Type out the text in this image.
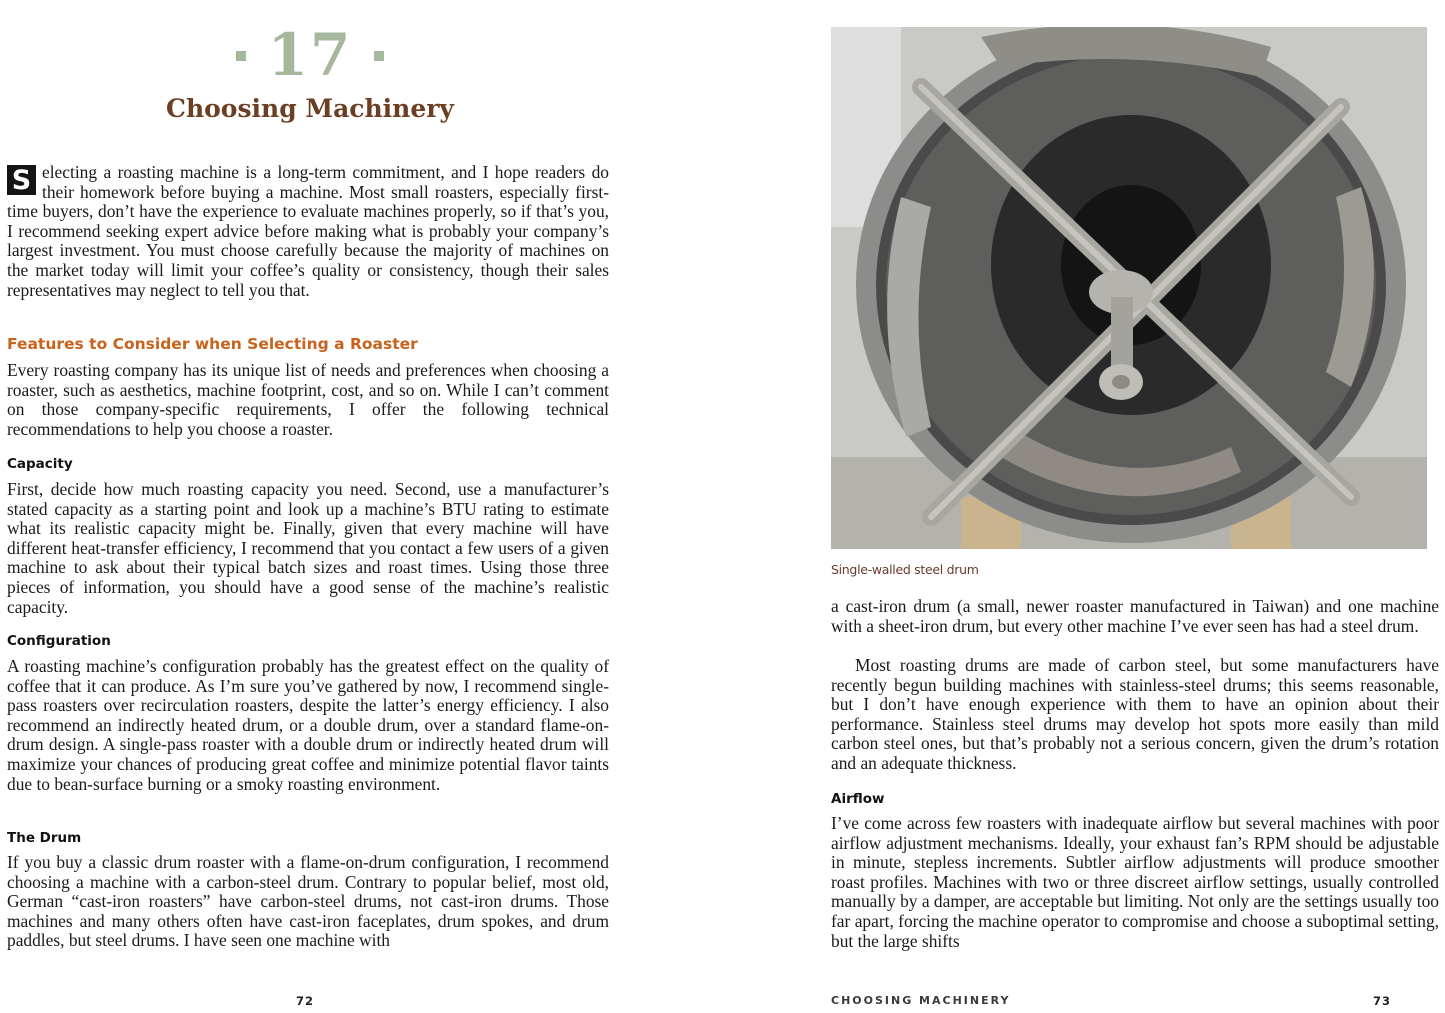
17
Choosing Machinery

S electing a roasting machine is a long-term commitment, and I hope readers do their homework before buying a machine. Most small roasters, especially first-time buyers, don’t have the experience to evaluate machines properly, so if that’s you, I recommend seeking expert advice before making what is probably your company’s largest investment. You must choose carefully because the majority of machines on the market today will limit your coffee’s quality or consistency, though their sales representatives may neglect to tell you that.

Features to Consider when Selecting a Roaster

Every roasting company has its unique list of needs and preferences when choosing a roaster, such as aesthetics, machine footprint, cost, and so on. While I can’t comment on those company-specific requirements, I offer the following technical recommendations to help you choose a roaster.

Capacity

First, decide how much roasting capacity you need. Second, use a manufacturer’s stated capacity as a starting point and look up a machine’s BTU rating to estimate what its realistic capacity might be. Finally, given that every machine will have different heat-transfer efficiency, I recommend that you contact a few users of a given machine to ask about their typical batch sizes and roast times. Using those three pieces of information, you should have a good sense of the machine’s realistic capacity.

Configuration

A roasting machine’s configuration probably has the greatest effect on the quality of coffee that it can produce. As I’m sure you’ve gathered by now, I recommend single-pass roasters over recirculation roasters, despite the latter’s energy efficiency. I also recommend an indirectly heated drum, or a double drum, over a standard flame-on-drum design. A single-pass roaster with a double drum or indirectly heated drum will maximize your chances of producing great coffee and minimize potential flavor taints due to bean-surface burning or a smoky roasting environment.

The Drum

If you buy a classic drum roaster with a flame-on-drum configuration, I recommend choosing a machine with a carbon-steel drum. Contrary to popular belief, most old, German “cast-iron roasters” have carbon-steel drums, not cast-iron drums. Those machines and many others often have cast-iron faceplates, drum spokes, and drum paddles, but steel drums. I have seen one machine with

72
Single-walled steel drum

a cast-iron drum (a small, newer roaster manufactured in Taiwan) and one machine with a sheet-iron drum, but every other machine I’ve ever seen has had a steel drum.

Most roasting drums are made of carbon steel, but some manufacturers have recently begun building machines with stainless-steel drums; this seems reasonable, but I don’t have enough experience with them to have an opinion about their performance. Stainless steel drums may develop hot spots more easily than mild carbon steel ones, but that’s probably not a serious concern, given the drum’s rotation and an adequate thickness.

Airflow

I’ve come across few roasters with inadequate airflow but several machines with poor airflow adjustment mechanisms. Ideally, your exhaust fan’s RPM should be adjustable in minute, stepless increments. Subtler airflow adjustments will produce smoother roast profiles. Machines with two or three discreet airflow settings, usually controlled manually by a damper, are acceptable but limiting. Not only are the settings usually too far apart, forcing the machine operator to compromise and choose a suboptimal setting, but the large shifts

CHOOSING MACHINERY	73
